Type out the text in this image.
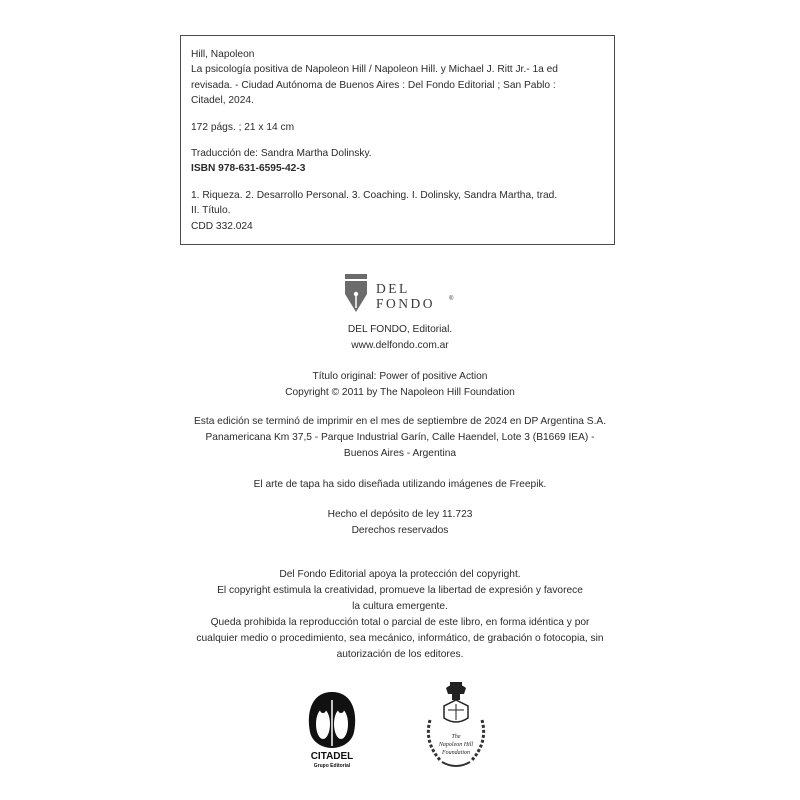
Hill, Napoleon

La psicología positiva de Napoleon Hill / Napoleon Hill. y Michael J. Ritt Jr.- 1a ed

revisada. - Ciudad Autónoma de Buenos Aires : Del Fondo Editorial ; San Pablo :

Citadel, 2024.

172 págs. ; 21 x 14 cm

Traducción de: Sandra Martha Dolinsky.

ISBN 978-631-6595-42-3

1. Riqueza. 2. Desarrollo Personal. 3. Coaching. I. Dolinsky, Sandra Martha, trad.

II. Título.

CDD 332.024

DEL
FONDO ®

DEL FONDO, Editorial.

www.delfondo.com.ar

Título original: Power of positive Action

Copyright © 2011 by The Napoleon Hill Foundation

Esta edición se terminó de imprimir en el mes de septiembre de 2024 en DP Argentina S.A.

Panamericana Km 37,5 - Parque Industrial Garín, Calle Haendel, Lote 3 (B1669 IEA) -

Buenos Aires - Argentina

El arte de tapa ha sido diseñada utilizando imágenes de Freepik.

Hecho el depósito de ley 11.723

Derechos reservados

Del Fondo Editorial apoya la protección del copyright.

El copyright estimula la creatividad, promueve la libertad de expresión y favorece

la cultura emergente.

Queda prohibida la reproducción total o parcial de este libro, en forma idéntica y por

cualquier medio o procedimiento, sea mecánico, informático, de grabación o fotocopia, sin

autorización de los editores.

CITADEL
Grupo Editorial
The
Napoleon Hill
Foundation
